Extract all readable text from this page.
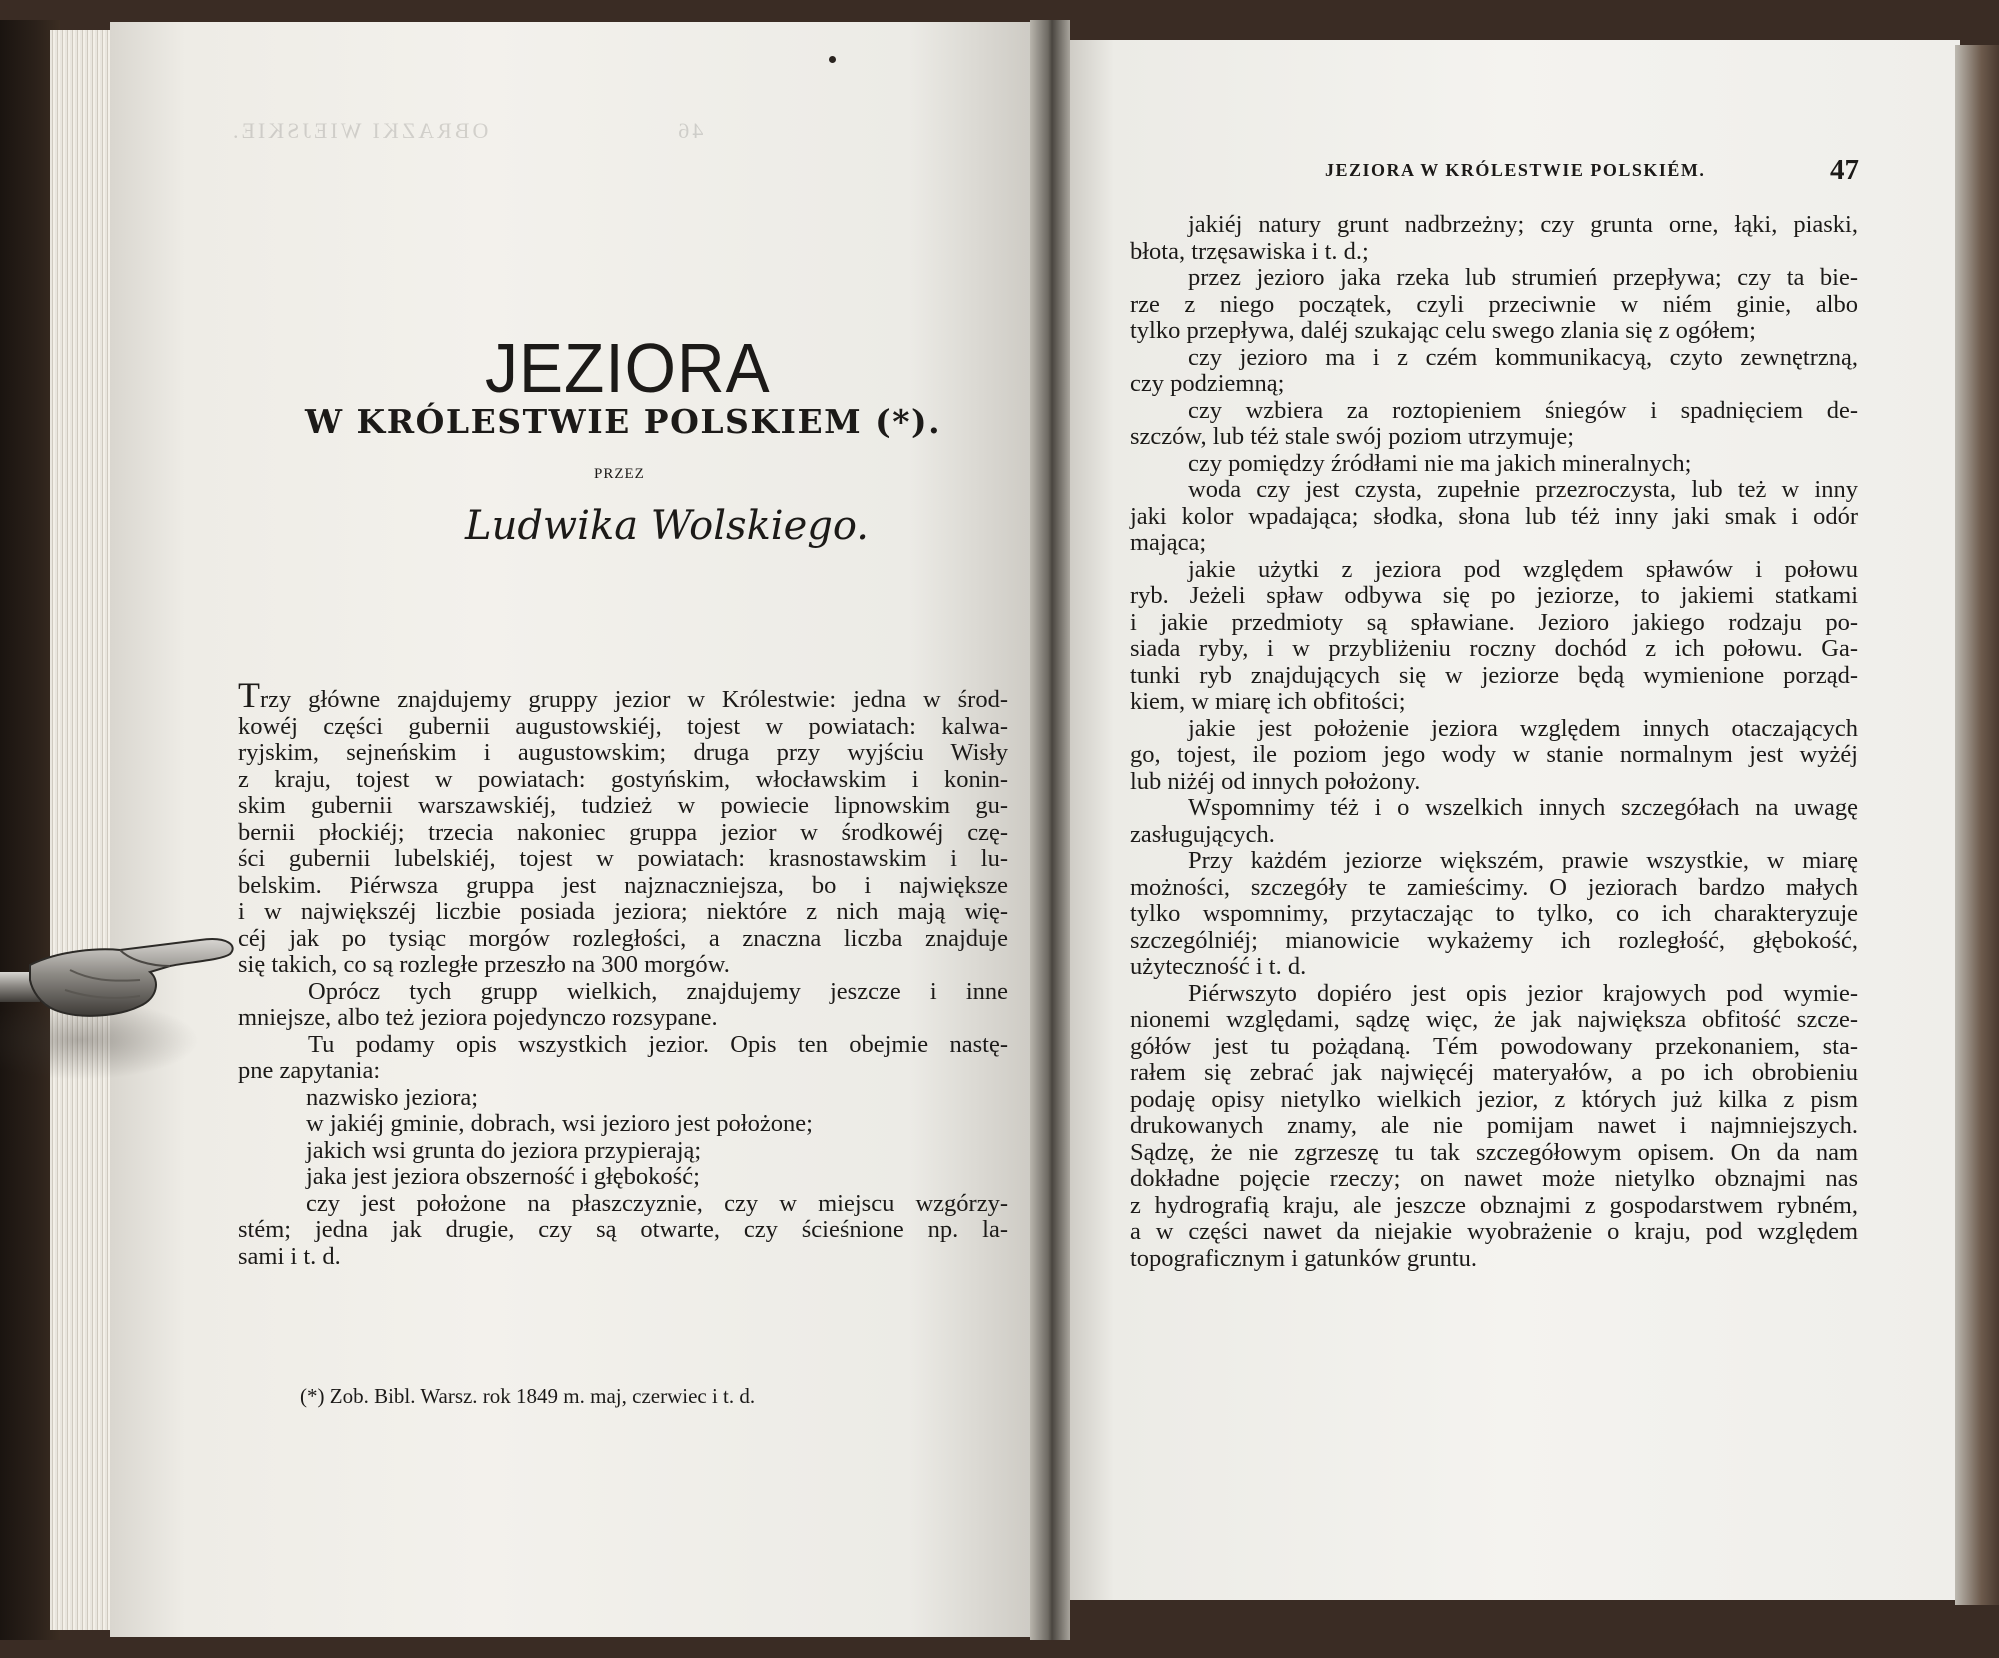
46                      OBRAZKI WIEJSKIE.
JEZIORA
W KRÓLESTWIE POLSKIEM (*).
PRZEZ
Ludwika Wolskiego.
Trzy główne znajdujemy gruppy jezior w Królestwie: jedna w środ-
kowéj części gubernii augustowskiéj, tojest w powiatach: kalwa-
ryjskim, sejneńskim i augustowskim; druga przy wyjściu Wisły
z kraju, tojest w powiatach: gostyńskim, włocławskim i konin-
skim gubernii warszawskiéj, tudzież w powiecie lipnowskim gu-
bernii płockiéj; trzecia nakoniec gruppa jezior w środkowéj czę-
ści gubernii lubelskiéj, tojest w powiatach: krasnostawskim i lu-
belskim. Piérwsza gruppa jest najznaczniejsza, bo i największe
i w największéj liczbie posiada jeziora; niektóre z nich mają wię-
céj jak po tysiąc morgów rozległości, a znaczna liczba znajduje
się takich, co są rozległe przeszło na 300 morgów.
Oprócz tych grupp wielkich, znajdujemy jeszcze i inne
mniejsze, albo też jeziora pojedynczo rozsypane.
Tu podamy opis wszystkich jezior. Opis ten obejmie nastę-
pne zapytania:
nazwisko jeziora;
w jakiéj gminie, dobrach, wsi jezioro jest położone;
jakich wsi grunta do jeziora przypierają;
jaka jest jeziora obszerność i głębokość;
czy jest położone na płaszczyznie, czy w miejscu wzgórzy-
stém; jedna jak drugie, czy są otwarte, czy ścieśnione np. la-
sami i t. d.
(*) Zob. Bibl. Warsz. rok 1849 m. maj, czerwiec i t. d.
JEZIORA W KRÓLESTWIE POLSKIÉM.	47
jakiéj natury grunt nadbrzeżny; czy grunta orne, łąki, piaski,
błota, trzęsawiska i t. d.;
przez jezioro jaka rzeka lub strumień przepływa; czy ta bie-
rze z niego początek, czyli przeciwnie w niém ginie, albo
tylko przepływa, daléj szukając celu swego zlania się z ogółem;
czy jezioro ma i z czém kommunikacyą, czyto zewnętrzną,
czy podziemną;
czy wzbiera za roztopieniem śniegów i spadnięciem de-
szczów, lub téż stale swój poziom utrzymuje;
czy pomiędzy źródłami nie ma jakich mineralnych;
woda czy jest czysta, zupełnie przezroczysta, lub też w inny
jaki kolor wpadająca; słodka, słona lub téż inny jaki smak i odór
mająca;
jakie użytki z jeziora pod względem spławów i połowu
ryb. Jeżeli spław odbywa się po jeziorze, to jakiemi statkami
i jakie przedmioty są spławiane. Jezioro jakiego rodzaju po-
siada ryby, i w przybliżeniu roczny dochód z ich połowu. Ga-
tunki ryb znajdujących się w jeziorze będą wymienione porząd-
kiem, w miarę ich obfitości;
jakie jest położenie jeziora względem innych otaczających
go, tojest, ile poziom jego wody w stanie normalnym jest wyżéj
lub niżéj od innych położony.
Wspomnimy téż i o wszelkich innych szczegółach na uwagę
zasługujących.
Przy każdém jeziorze większém, prawie wszystkie, w miarę
możności, szczegóły te zamieścimy. O jeziorach bardzo małych
tylko wspomnimy, przytaczając to tylko, co ich charakteryzuje
szczególniéj; mianowicie wykażemy ich rozległość, głębokość,
użyteczność i t. d.
Piérwszyto dopiéro jest opis jezior krajowych pod wymie-
nionemi względami, sądzę więc, że jak największa obfitość szcze-
gółów jest tu pożądaną. Tém powodowany przekonaniem, sta-
rałem się zebrać jak najwięcéj materyałów, a po ich obrobieniu
podaję opisy nietylko wielkich jezior, z których już kilka z pism
drukowanych znamy, ale nie pomijam nawet i najmniejszych.
Sądzę, że nie zgrzeszę tu tak szczegółowym opisem. On da nam
dokładne pojęcie rzeczy; on nawet może nietylko obznajmi nas
z hydrografią kraju, ale jeszcze obznajmi z gospodarstwem rybném,
a w części nawet da niejakie wyobrażenie o kraju, pod względem
topograficznym i gatunków gruntu.
